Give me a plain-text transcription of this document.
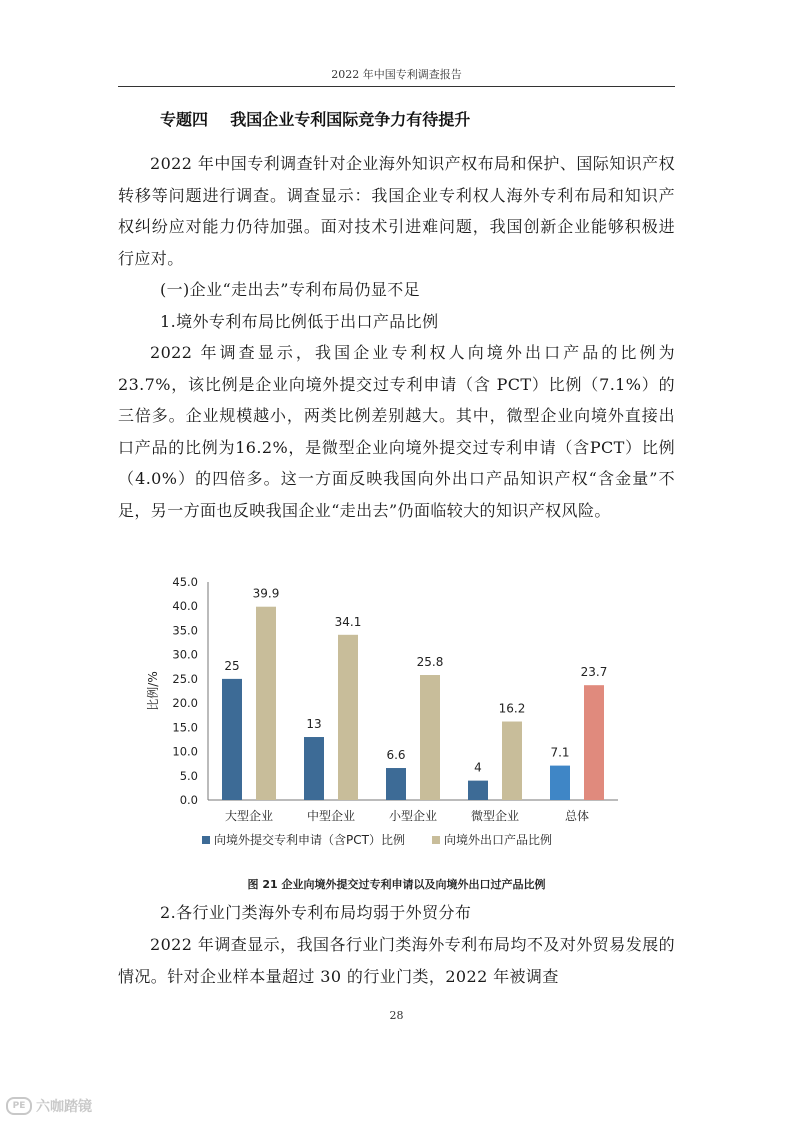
2022 年中国专利调查报告
专题四 我国企业专利国际竞争力有待提升

2022 年中国专利调查针对企业海外知识产权布局和保护、国际知识产权转移等问题进行调查。调查显示：我国企业专利权人海外专利布局和知识产权纠纷应对能力仍待加强。面对技术引进难问题，我国创新企业能够积极进行应对。

(一)企业“走出去”专利布局仍显不足

1.境外专利布局比例低于出口产品比例

2022 年调查显示，我国企业专利权人向境外出口产品的比例为 23.7%，该比例是企业向境外提交过专利申请（含 PCT）比例（7.1%）的三倍多。企业规模越小，两类比例差别越大。其中，微型企业向境外直接出口产品的比例为16.2%，是微型企业向境外提交过专利申请（含PCT）比例（4.0%）的四倍多。这一方面反映我国向外出口产品知识产权“含金量”不足，另一方面也反映我国企业“走出去”仍面临较大的知识产权风险。

0.0
5.0
10.0
15.0
20.0
25.0
30.0
35.0
40.0
45.0
比例/%
25
39.9
大型企业
13
34.1
中型企业
6.6
25.8
小型企业
4
16.2
微型企业
7.1
23.7
总体
向境外提交专利申请（含PCT）比例	向境外出口产品比例
图 21 企业向境外提交过专利申请以及向境外出口过产品比例

2.各行业门类海外专利布局均弱于外贸分布

2022 年调查显示，我国各行业门类海外专利布局均不及对外贸易发展的情况。针对企业样本量超过 30 的行业门类，2022 年被调查

28
PE 六咖踏镜
